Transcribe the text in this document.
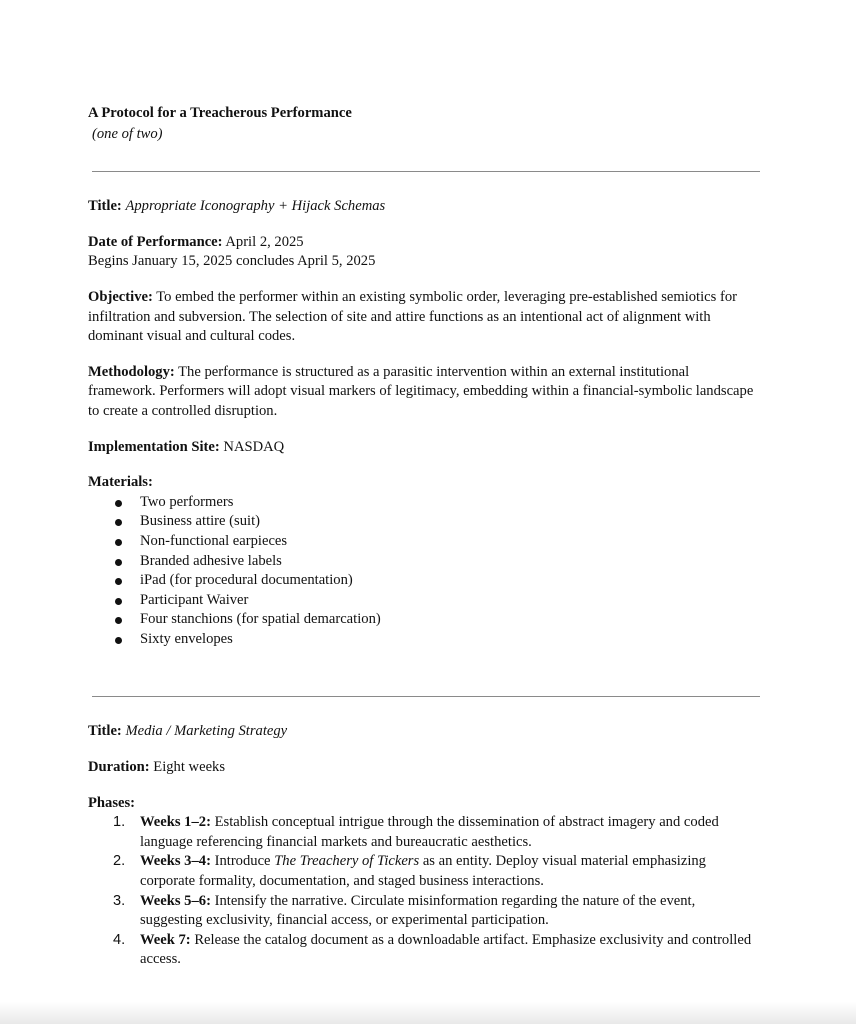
A Protocol for a Treacherous Performance

(one of two)

Title: Appropriate Iconography + Hijack Schemas

Date of Performance: April 2, 2025

Begins January 15, 2025 concludes April 5, 2025

Objective: To embed the performer within an existing symbolic order, leveraging pre-established semiotics for infiltration and subversion. The selection of site and attire functions as an intentional act of alignment with dominant visual and cultural codes.

Methodology: The performance is structured as a parasitic intervention within an external institutional framework. Performers will adopt visual markers of legitimacy, embedding within a financial-symbolic landscape to create a controlled disruption.

Implementation Site: NASDAQ

Materials:

Two performers
Business attire (suit)
Non-functional earpieces
Branded adhesive labels
iPad (for procedural documentation)
Participant Waiver
Four stanchions (for spatial demarcation)
Sixty envelopes

Title: Media / Marketing Strategy

Duration: Eight weeks

Phases:

1. Weeks 1–2: Establish conceptual intrigue through the dissemination of abstract imagery and coded language referencing financial markets and bureaucratic aesthetics.
2. Weeks 3–4: Introduce The Treachery of Tickers as an entity. Deploy visual material emphasizing corporate formality, documentation, and staged business interactions.
3. Weeks 5–6: Intensify the narrative. Circulate misinformation regarding the nature of the event, suggesting exclusivity, financial access, or experimental participation.
4. Week 7: Release the catalog document as a downloadable artifact. Emphasize exclusivity and controlled access.
